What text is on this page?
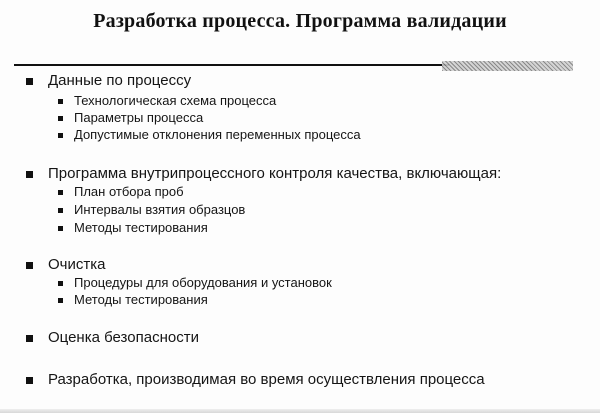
Разработка процесса. Программа валидации
Данные по процессу
Технологическая схема процесса
Параметры процесса
Допустимые отклонения переменных процесса
Программа внутрипроцессного контроля качества, включающая:
План отбора проб
Интервалы взятия образцов
Методы тестирования
Очистка
Процедуры для оборудования и установок
Методы тестирования
Оценка безопасности
Разработка, производимая во время осуществления процесса
